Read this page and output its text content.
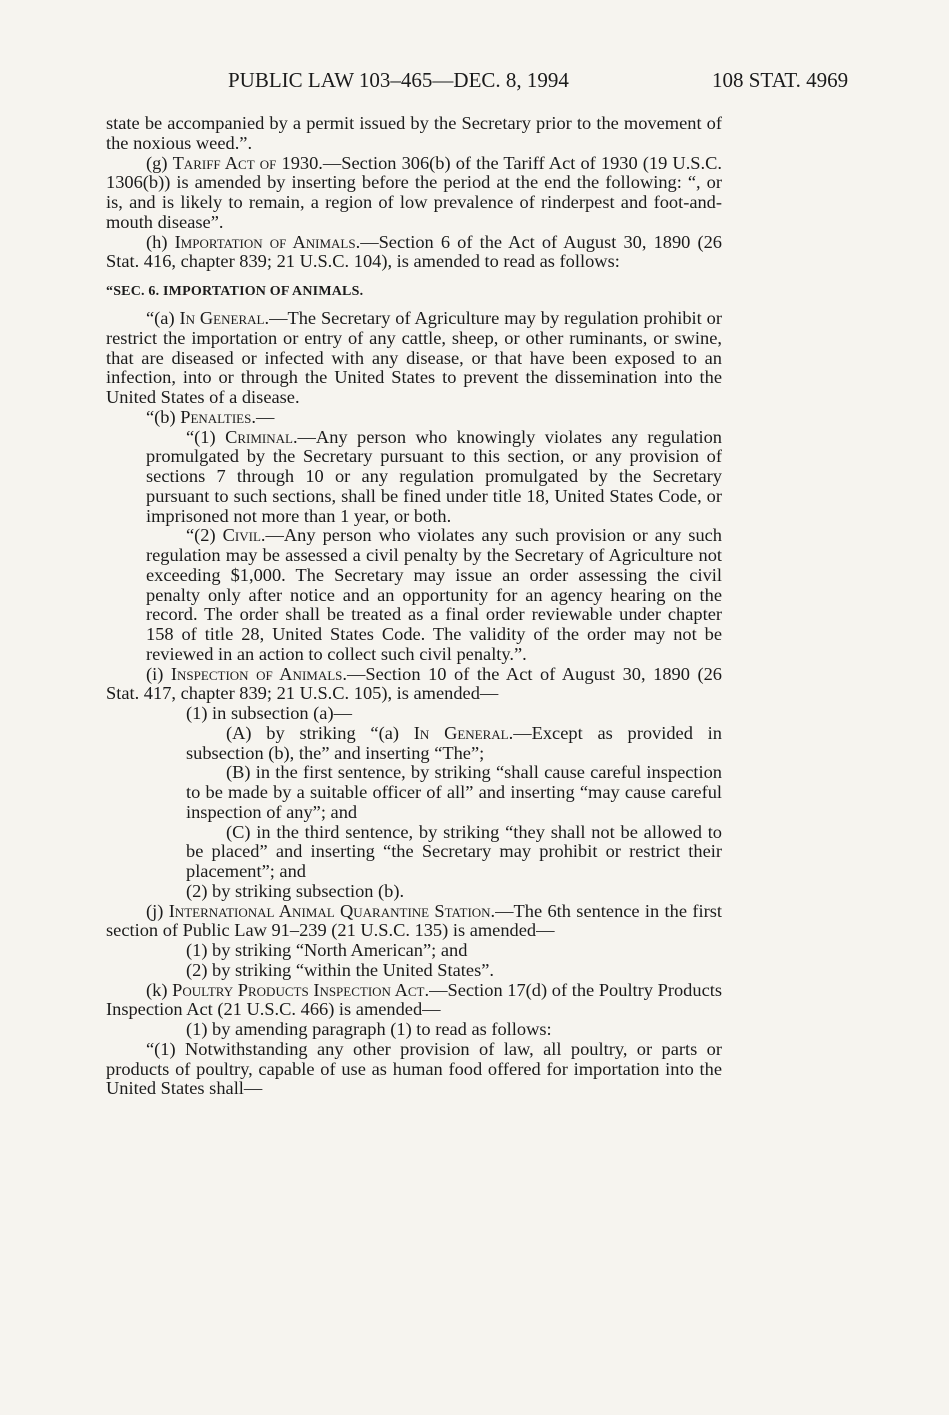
PUBLIC LAW 103–465—DEC. 8, 1994	108 STAT. 4969

state be accompanied by a permit issued by the Secretary prior to the movement of the noxious weed.”.

(g) Tariff Act of 1930.—Section 306(b) of the Tariff Act of 1930 (19 U.S.C. 1306(b)) is amended by inserting before the period at the end the following: “, or is, and is likely to remain, a region of low prevalence of rinderpest and foot-and-mouth disease”.

(h) Importation of Animals.—Section 6 of the Act of August 30, 1890 (26 Stat. 416, chapter 839; 21 U.S.C. 104), is amended to read as follows:

“SEC. 6. IMPORTATION OF ANIMALS.

“(a) In General.—The Secretary of Agriculture may by regulation prohibit or restrict the importation or entry of any cattle, sheep, or other ruminants, or swine, that are diseased or infected with any disease, or that have been exposed to an infection, into or through the United States to prevent the dissemination into the United States of a disease.

“(b) Penalties.—

“(1) Criminal.—Any person who knowingly violates any regulation promulgated by the Secretary pursuant to this section, or any provision of sections 7 through 10 or any regulation promulgated by the Secretary pursuant to such sections, shall be fined under title 18, United States Code, or imprisoned not more than 1 year, or both.

“(2) Civil.—Any person who violates any such provision or any such regulation may be assessed a civil penalty by the Secretary of Agriculture not exceeding $1,000. The Secretary may issue an order assessing the civil penalty only after notice and an opportunity for an agency hearing on the record. The order shall be treated as a final order reviewable under chapter 158 of title 28, United States Code. The validity of the order may not be reviewed in an action to collect such civil penalty.”.

(i) Inspection of Animals.—Section 10 of the Act of August 30, 1890 (26 Stat. 417, chapter 839; 21 U.S.C. 105), is amended—

(1) in subsection (a)—

(A) by striking “(a) In General.—Except as provided in subsection (b), the” and inserting “The”;

(B) in the first sentence, by striking “shall cause careful inspection to be made by a suitable officer of all” and inserting “may cause careful inspection of any”; and

(C) in the third sentence, by striking “they shall not be allowed to be placed” and inserting “the Secretary may prohibit or restrict their placement”; and

(2) by striking subsection (b).

(j) International Animal Quarantine Station.—The 6th sentence in the first section of Public Law 91–239 (21 U.S.C. 135) is amended—

(1) by striking “North American”; and

(2) by striking “within the United States”.

(k) Poultry Products Inspection Act.—Section 17(d) of the Poultry Products Inspection Act (21 U.S.C. 466) is amended—

(1) by amending paragraph (1) to read as follows:

“(1) Notwithstanding any other provision of law, all poultry, or parts or products of poultry, capable of use as human food offered for importation into the United States shall—
